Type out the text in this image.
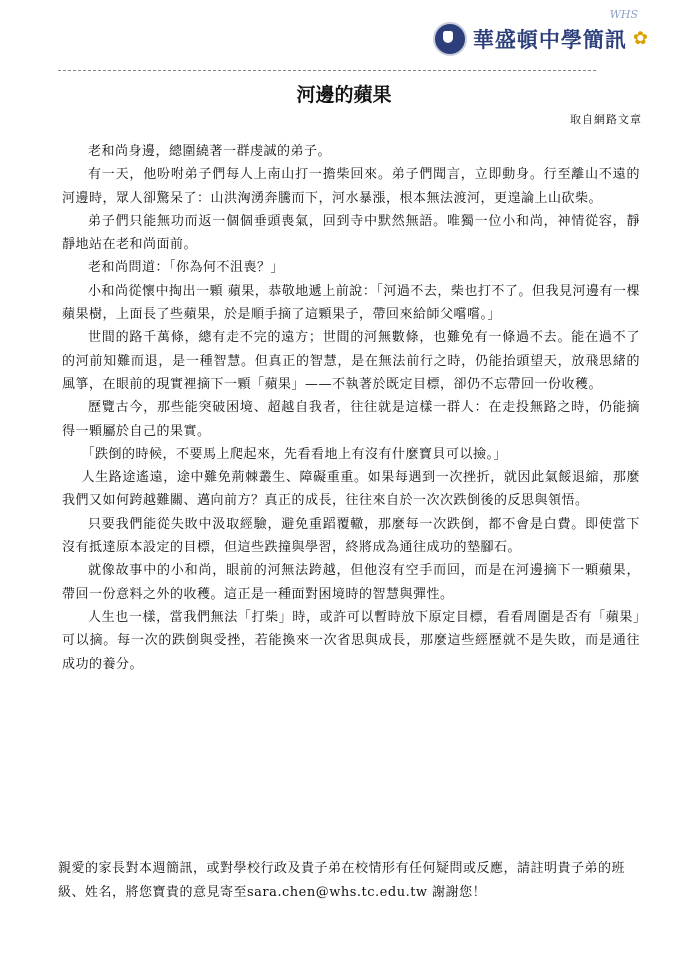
WHS
華盛頓中學簡訊 ✿
河邊的蘋果
取自網路文章

老和尚身邊，總圍繞著一群虔誠的弟子。

有一天，他吩咐弟子們每人上南山打一擔柴回來。弟子們聞言，立即動身。行至離山不遠的河邊時，眾人卻驚呆了：山洪洶湧奔騰而下，河水暴漲，根本無法渡河，更遑論上山砍柴。

弟子們只能無功而返一個個垂頭喪氣，回到寺中默然無語。唯獨一位小和尚，神情從容，靜靜地站在老和尚面前。

老和尚問道：「你為何不沮喪？」

小和尚從懷中掏出一顆 蘋果，恭敬地遞上前說：「河過不去，柴也打不了。但我見河邊有一棵蘋果樹，上面長了些蘋果，於是順手摘了這顆果子，帶回來給師父嚐嚐。」

世間的路千萬條，總有走不完的遠方；世間的河無數條，也難免有一條過不去。能在過不了的河前知難而退，是一種智慧。但真正的智慧，是在無法前行之時，仍能抬頭望天，放飛思緒的風箏，在眼前的現實裡摘下一顆「蘋果」——不執著於既定目標，卻仍不忘帶回一份收穫。

歷覽古今，那些能突破困境、超越自我者，往往就是這樣一群人：在走投無路之時，仍能摘得一顆屬於自己的果實。

「跌倒的時候，不要馬上爬起來，先看看地上有沒有什麼寶貝可以撿。」

人生路途遙遠，途中難免荊棘叢生、障礙重重。如果每遇到一次挫折，就因此氣餒退縮，那麼我們又如何跨越難關、邁向前方？真正的成長，往往來自於一次次跌倒後的反思與領悟。

只要我們能從失敗中汲取經驗，避免重蹈覆轍，那麼每一次跌倒，都不會是白費。即使當下沒有抵達原本設定的目標，但這些跌撞與學習，終將成為通往成功的墊腳石。

就像故事中的小和尚，眼前的河無法跨越，但他沒有空手而回，而是在河邊摘下一顆蘋果，帶回一份意料之外的收穫。這正是一種面對困境時的智慧與彈性。

人生也一樣，當我們無法「打柴」時，或許可以暫時放下原定目標，看看周圍是否有「蘋果」可以摘。每一次的跌倒與受挫，若能換來一次省思與成長，那麼這些經歷就不是失敗，而是通往成功的養分。

親愛的家長對本週簡訊，或對學校行政及貴子弟在校情形有任何疑問或反應，請註明貴子弟的班級、姓名，將您寶貴的意見寄至sara.chen@whs.tc.edu.tw 謝謝您！
